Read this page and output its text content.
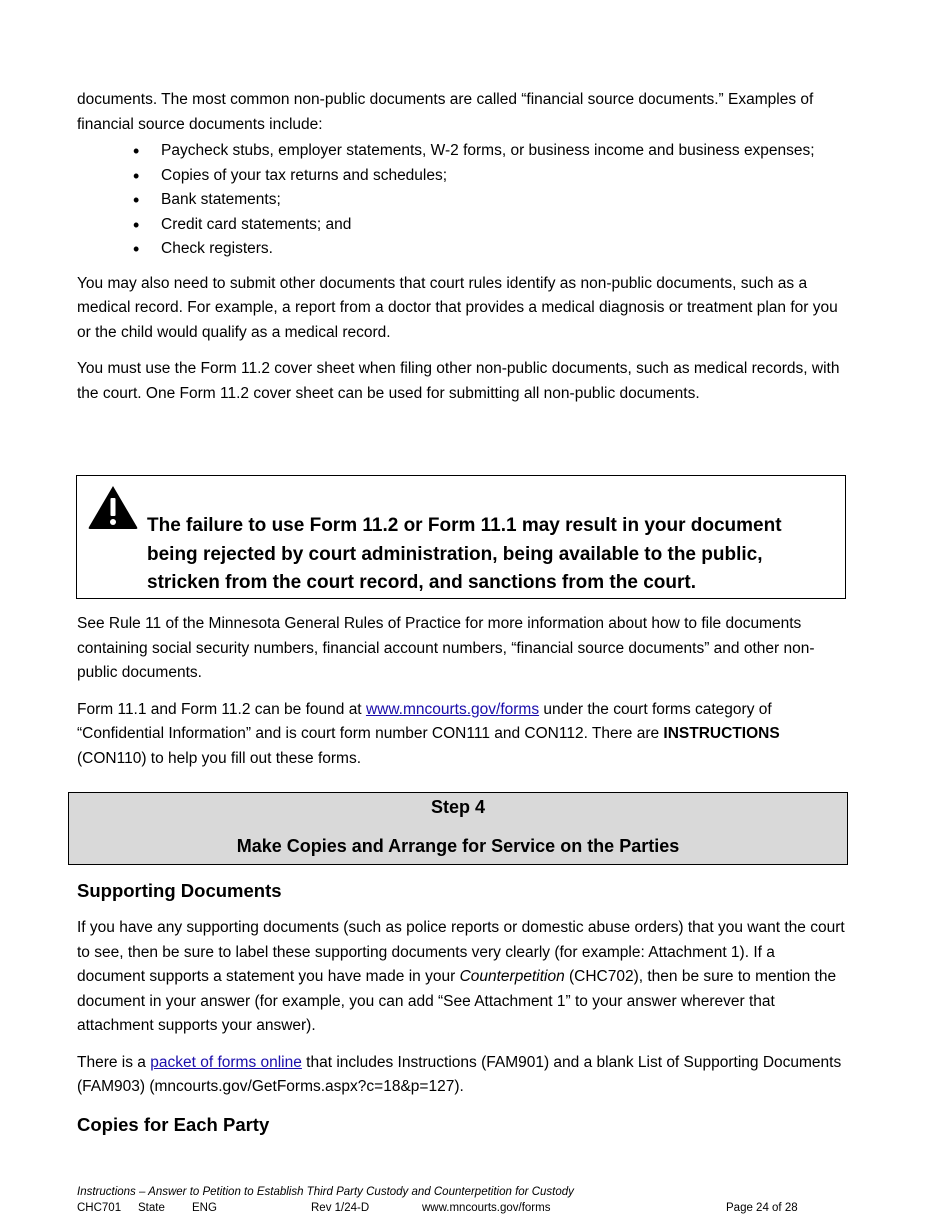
documents. The most common non-public documents are called “financial source documents.” Examples of financial source documents include:

• Paycheck stubs, employer statements, W-2 forms, or business income and business expenses;
• Copies of your tax returns and schedules;
• Bank statements;
• Credit card statements; and
• Check registers.

You may also need to submit other documents that court rules identify as non-public documents, such as a medical record. For example, a report from a doctor that provides a medical diagnosis or treatment plan for you or the child would qualify as a medical record.

You must use the Form 11.2 cover sheet when filing other non-public documents, such as medical records, with the court. One Form 11.2 cover sheet can be used for submitting all non-public documents.

The failure to use Form 11.2 or Form 11.1 may result in your document being rejected by court administration, being available to the public, stricken from the court record, and sanctions from the court.

See Rule 11 of the Minnesota General Rules of Practice for more information about how to file documents containing social security numbers, financial account numbers, “financial source documents” and other non-public documents.

Form 11.1 and Form 11.2 can be found at www.mncourts.gov/forms under the court forms category of “Confidential Information” and is court form number CON111 and CON112. There are INSTRUCTIONS (CON110) to help you fill out these forms.

Step 4
Make Copies and Arrange for Service on the Parties
Supporting Documents

If you have any supporting documents (such as police reports or domestic abuse orders) that you want the court to see, then be sure to label these supporting documents very clearly (for example: Attachment 1). If a document supports a statement you have made in your Counterpetition (CHC702), then be sure to mention the document in your answer (for example, you can add “See Attachment 1” to your answer wherever that attachment supports your answer).

There is a packet of forms online that includes Instructions (FAM901) and a blank List of Supporting Documents (FAM903) (mncourts.gov/GetForms.aspx?c=18&p=127).

Copies for Each Party
Instructions – Answer to Petition to Establish Third Party Custody and Counterpetition for Custody
CHC701 State ENG	Rev 1/24-D	www.mncourts.gov/forms	Page 24 of 28
